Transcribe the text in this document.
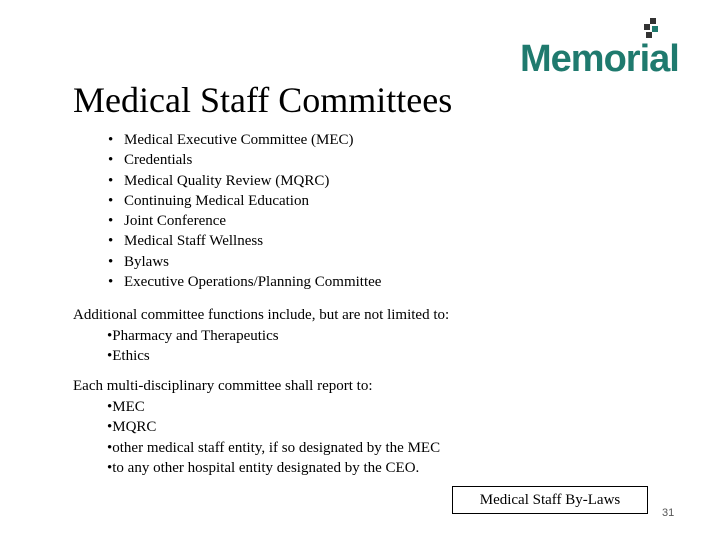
Memorial
Medical Staff Committees
• Medical Executive Committee (MEC)
• Credentials
• Medical Quality Review (MQRC)
• Continuing Medical Education
• Joint Conference
• Medical Staff Wellness
• Bylaws
• Executive Operations/Planning Committee
Additional committee functions include, but are not limited to:
•Pharmacy and Therapeutics
•Ethics
Each multi-disciplinary committee shall report to:
•MEC
•MQRC
•other medical staff entity, if so designated by the MEC
•to any other hospital entity designated by the CEO.
Medical Staff By-Laws
31
